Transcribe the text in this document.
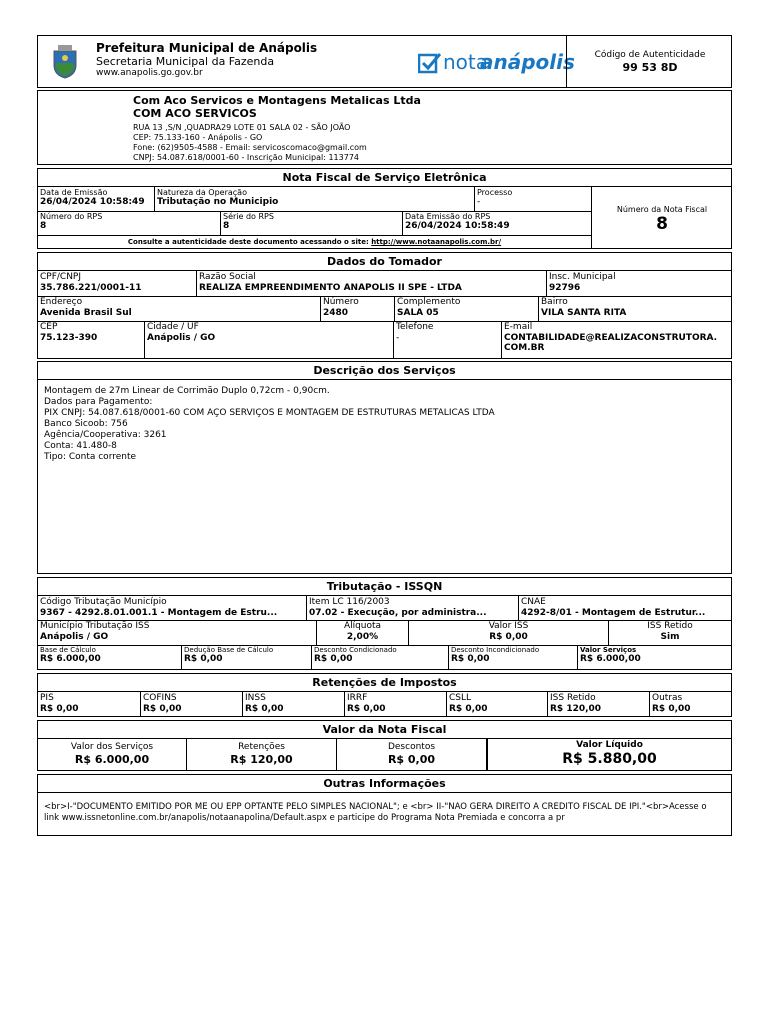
Prefeitura Municipal de Anápolis
Secretaria Municipal da Fazenda
www.anapolis.go.gov.br	nota
anápolis	Código de Autenticidade
99 53 8D
Com Aco Servicos e Montagens Metalicas Ltda
COM ACO SERVICOS
RUA 13 ,S/N ,QUADRA29 LOTE 01 SALA 02 - SÃO JOÃO
CEP: 75.133-160 - Anápolis - GO
Fone: (62)9505-4588 - Email: servicoscomaco@gmail.com
CNPJ: 54.087.618/0001-60 - Inscrição Municipal: 113774
Nota Fiscal de Serviço Eletrônica
Data de Emissão
26/04/2024 10:58:49
Natureza da Operação
Tributação no Municipio
Processo
-
Número da Nota Fiscal
8
Número do RPS
8
Série do RPS
8
Data Emissão do RPS
26/04/2024 10:58:49
Consulte a autenticidade deste documento acessando o site: http://www.notaanapolis.com.br/
Dados do Tomador
CPF/CNPJ
35.786.221/0001-11
Razão Social
REALIZA EMPREENDIMENTO ANAPOLIS II SPE - LTDA
Insc. Municipal
92796
Endereço
Avenida Brasil Sul
Número
2480
Complemento
SALA 05
Bairro
VILA SANTA RITA
CEP
75.123-390
Cidade / UF
Anápolis / GO
Telefone
-
E-mail
CONTABILIDADE@REALIZACONSTRUTORA.
COM.BR
Descrição dos Serviços
Montagem de 27m Linear de Corrimão Duplo 0,72cm - 0,90cm.
Dados para Pagamento:
PIX CNPJ: 54.087.618/0001-60 COM AÇO SERVIÇOS E MONTAGEM DE ESTRUTURAS METALICAS LTDA
Banco Sicoob: 756
Agência/Cooperativa: 3261
Conta: 41.480-8
Tipo: Conta corrente
Tributação - ISSQN
Código Tributação Município
9367 - 4292.8.01.001.1 - Montagem de Estru...
Item LC 116/2003
07.02 - Execução, por administra...
CNAE
4292-8/01 - Montagem de Estrutur...
Município Tributação ISS
Anápolis / GO
Alíquota
2,00%
Valor ISS
R$ 0,00
ISS Retido
Sim
Base de Cálculo
R$ 6.000,00
Dedução Base de Cálculo
R$ 0,00
Desconto Condicionado
R$ 0,00
Desconto Incondicionado
R$ 0,00
Valor Serviços
R$ 6.000,00
Retenções de Impostos
PIS
R$ 0,00
COFINS
R$ 0,00
INSS
R$ 0,00
IRRF
R$ 0,00
CSLL
R$ 0,00
ISS Retido
R$ 120,00
Outras
R$ 0,00
Valor da Nota Fiscal
Valor dos Serviços
R$ 6.000,00
Retenções
R$ 120,00
Descontos
R$ 0,00
Valor Líquido
R$ 5.880,00
Outras Informações
<br>I-"DOCUMENTO EMITIDO POR ME OU EPP OPTANTE PELO SIMPLES NACIONAL"; e <br> II-"NÃO GERA DIREITO A CRÉDITO FISCAL DE IPI."<br>Acesse o
link www.issnetonline.com.br/anapolis/notaanapolina/Default.aspx e participe do Programa Nota Premiada e concorra a pr
